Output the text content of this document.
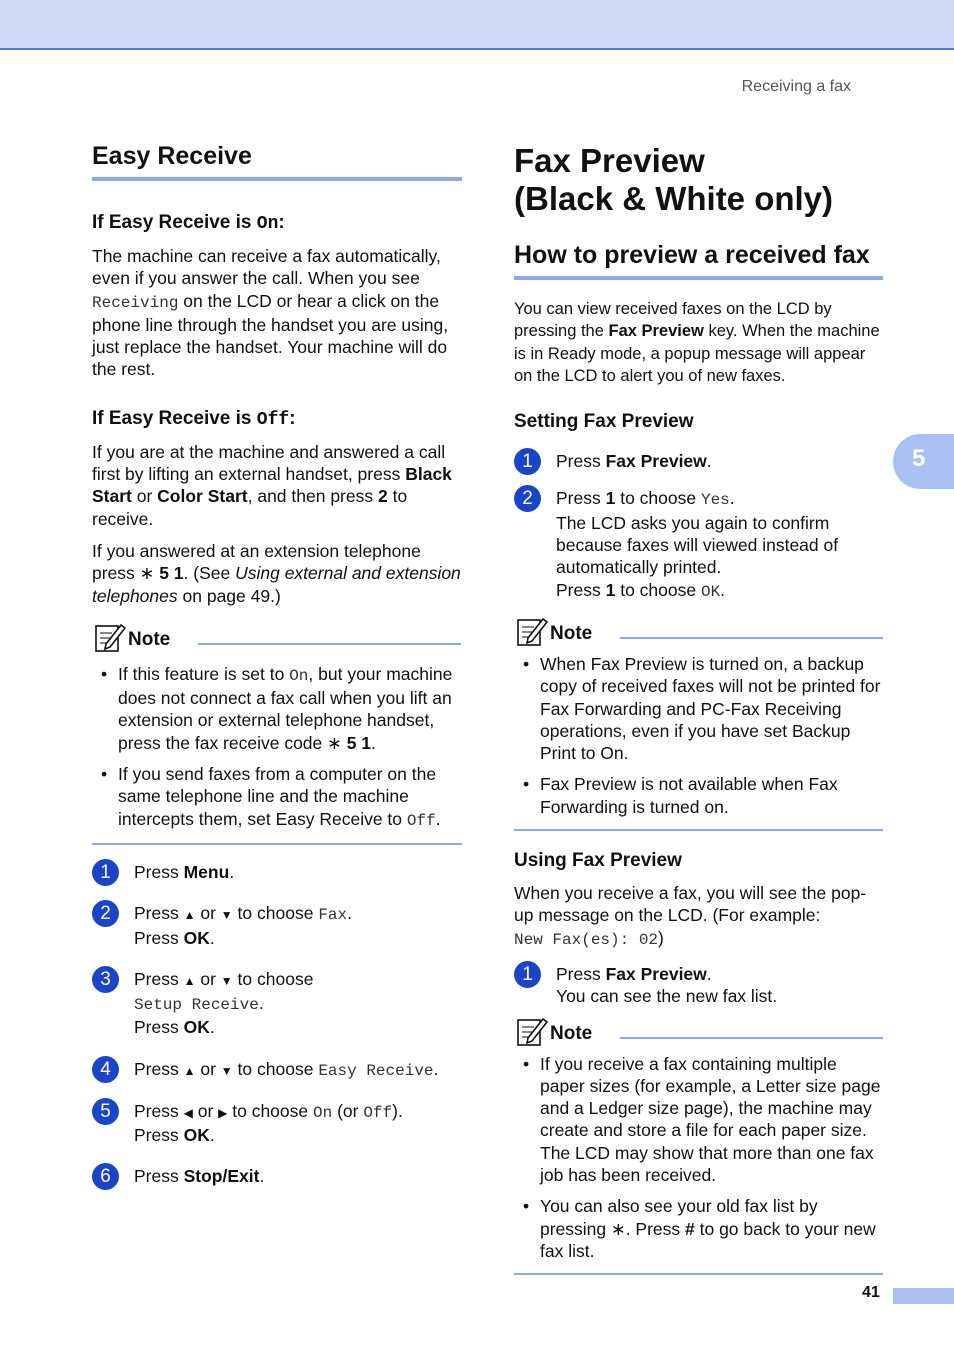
Receiving a fax
5
Easy Receive
If Easy Receive is On:

The machine can receive a fax automatically, even if you answer the call. When you see Receiving on the LCD or hear a click on the phone line through the handset you are using, just replace the handset. Your machine will do the rest.

If Easy Receive is Off:

If you are at the machine and answered a call first by lifting an external handset, press Black Start or Color Start, and then press 2 to receive.

If you answered at an extension telephone press ∗ 5 1. (See Using external and extension telephones on page 49.)

Note
• If this feature is set to On, but your machine does not connect a fax call when you lift an extension or external telephone handset, press the fax receive code ∗ 5 1.
• If you send faxes from a computer on the same telephone line and the machine intercepts them, set Easy Receive to Off.
1	Press Menu.
2	Press ▲ or ▼ to choose Fax.
Press OK.
3	Press ▲ or ▼ to choose
Setup Receive.
Press OK.
4	Press ▲ or ▼ to choose Easy Receive.
5	Press ◀ or ▶ to choose On (or Off).
Press OK.
6	Press Stop/Exit.
Fax Preview
(Black & White only)
How to preview a received fax

You can view received faxes on the LCD by pressing the Fax Preview key. When the machine is in Ready mode, a popup message will appear on the LCD to alert you of new faxes.

Setting Fax Preview
1	Press Fax Preview.
2	Press 1 to choose Yes.
The LCD asks you again to confirm because faxes will viewed instead of automatically printed.
Press 1 to choose OK.
Note
• When Fax Preview is turned on, a backup copy of received faxes will not be printed for Fax Forwarding and PC-Fax Receiving operations, even if you have set Backup Print to On.
• Fax Preview is not available when Fax Forwarding is turned on.
Using Fax Preview

When you receive a fax, you will see the pop-up message on the LCD. (For example:
New Fax(es): 02)

1	Press Fax Preview.
You can see the new fax list.
Note
• If you receive a fax containing multiple paper sizes (for example, a Letter size page and a Ledger size page), the machine may create and store a file for each paper size. The LCD may show that more than one fax job has been received.
• You can also see your old fax list by pressing ∗. Press # to go back to your new fax list.
41
